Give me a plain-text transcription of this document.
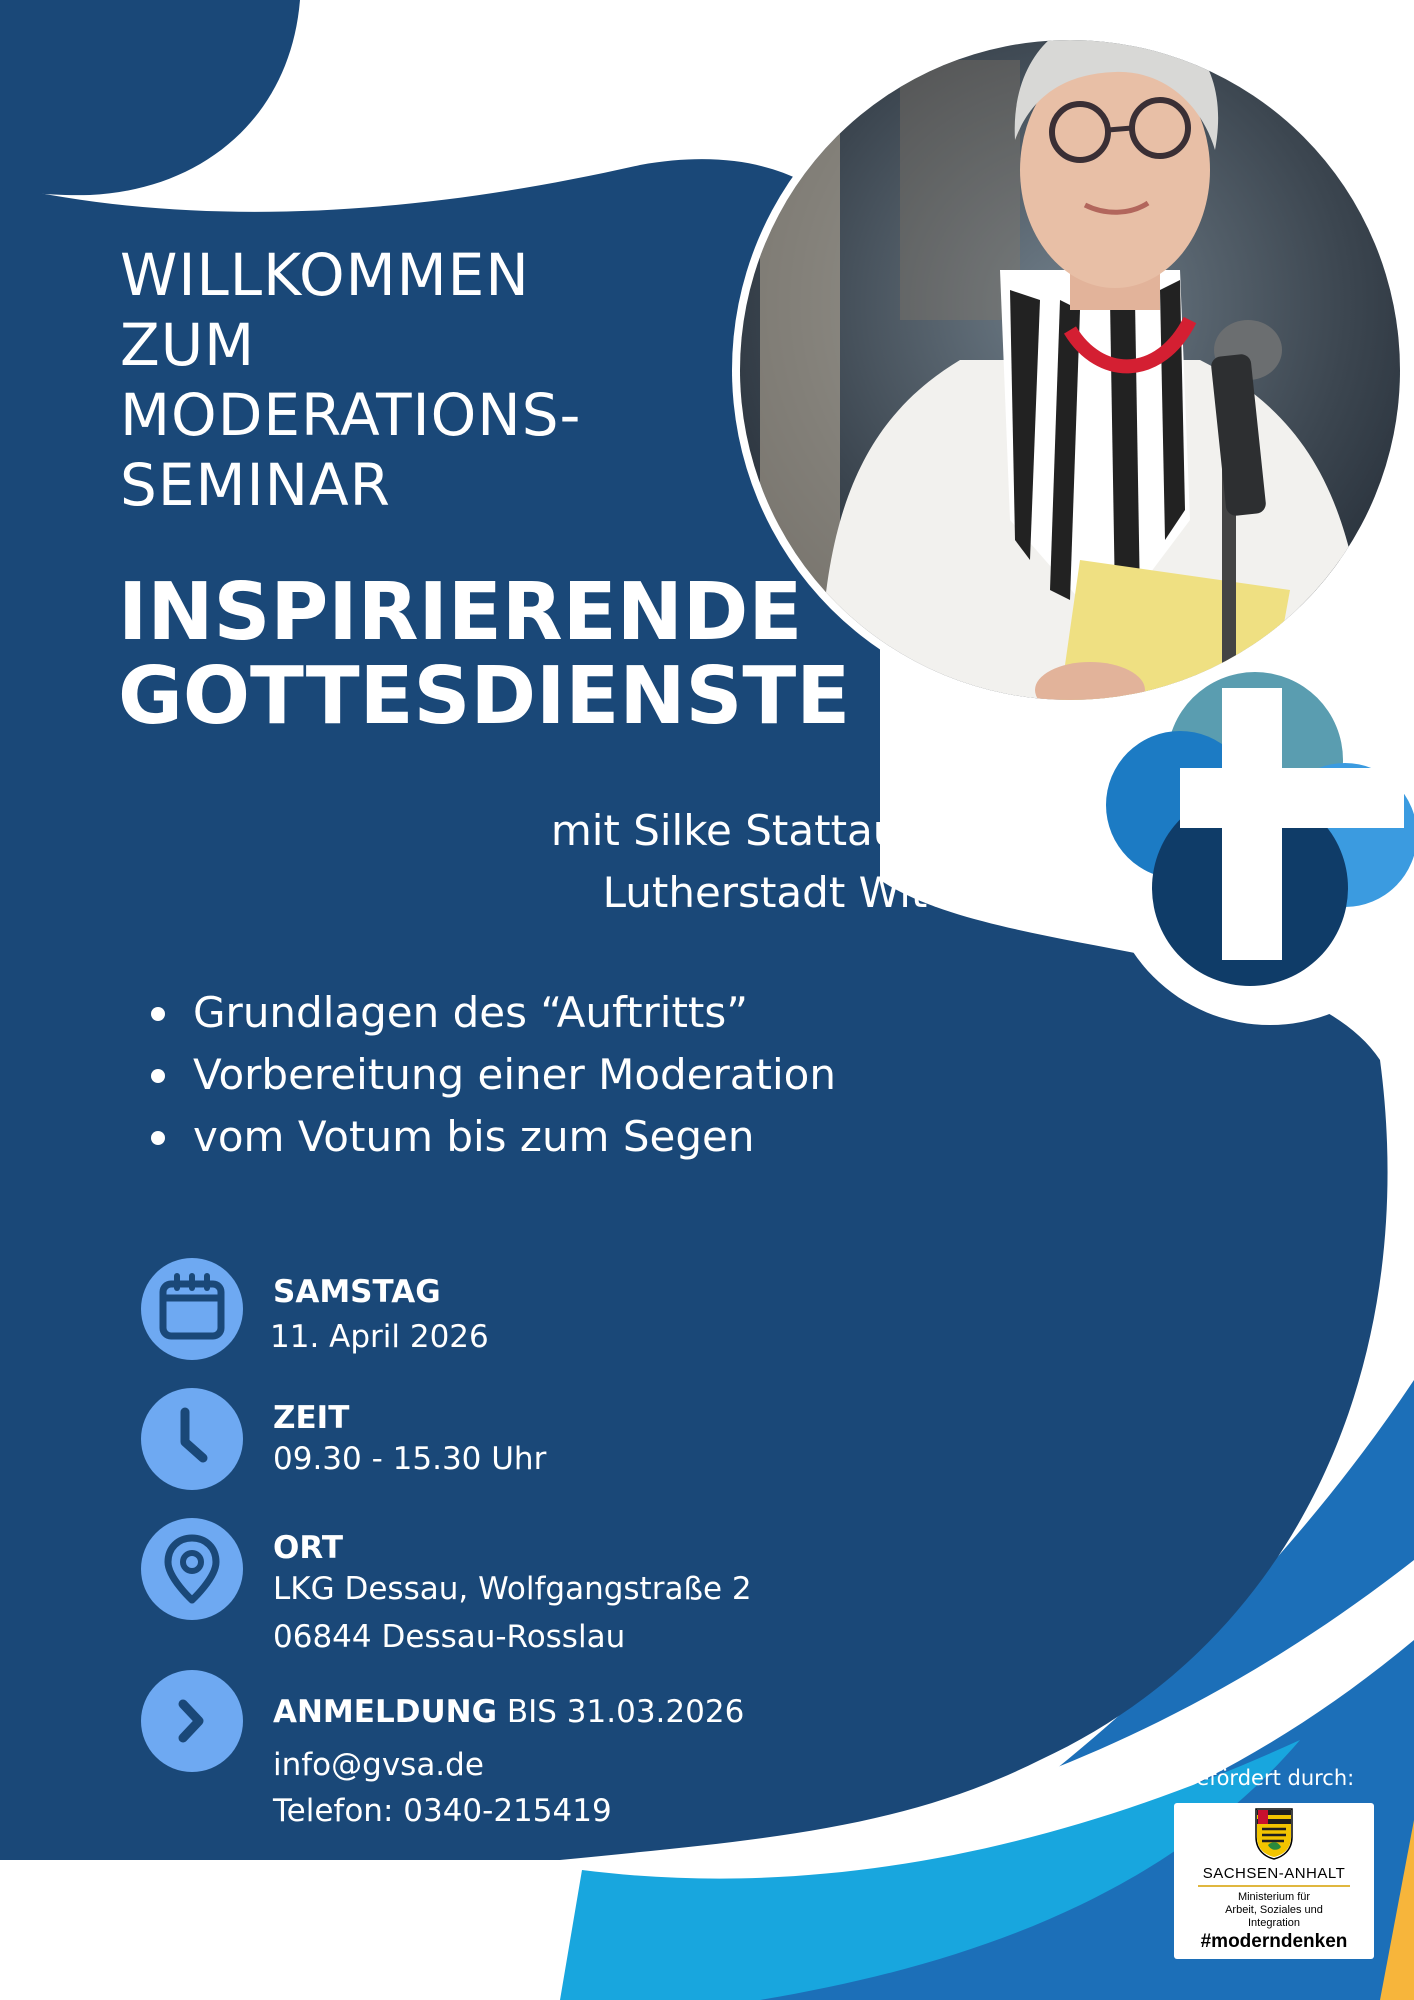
WILLKOMMEN
ZUM
MODERATIONS-
SEMINAR
INSPIRIERENDE
GOTTESDIENSTE
mit Silke Stattaus aus der
Lutherstadt Wittenberg
Grundlagen des “Auftritts”
Vorbereitung einer Moderation
vom Votum bis zum Segen
SAMSTAG
11. April 2026
ZEIT
09.30 - 15.30 Uhr
ORT
LKG Dessau, Wolfgangstraße 2
06844 Dessau-Rosslau
ANMELDUNG BIS 31.03.2026
info@gvsa.de
Telefon: 0340-215419
Eine Bildungsveranstaltung
des ECSA und GVSA
Gefördert durch:
SACHSEN-ANHALT
Ministerium für
Arbeit, Soziales und
Integration
#moderndenken
